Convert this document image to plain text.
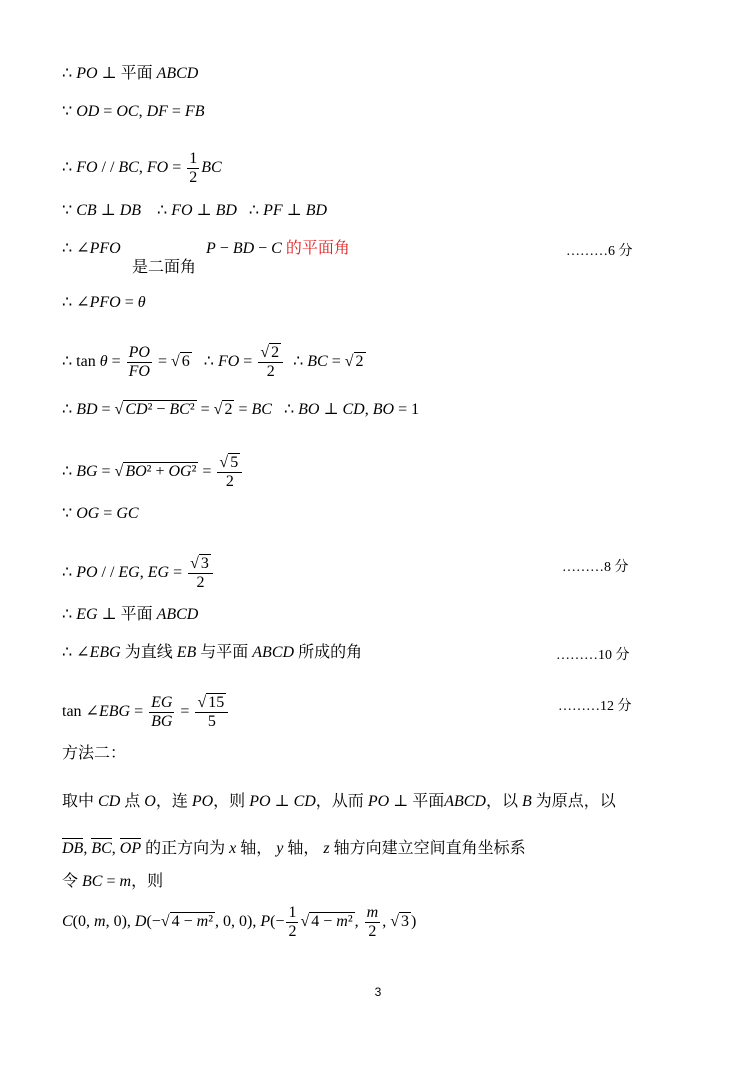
∴ PO ⊥ 平面 ABCD
∵ OD = OC, DF = FB
∴ FO / / BC, FO = $\frac{1}{2}$ BC
∵ CB ⊥ DB    ∴ FO ⊥ BD   ∴ PF ⊥ BD
∴ ∠PFO
是二面角
P − BD − C 的平面角	………6 分
∴ ∠PFO = θ
∴ $\tan \theta = \frac{PO}{FO}$ = √ 6   ∴ FO = $\frac{√ 2}{2}$ ∴ BC = √ 2
∴ BD = √ CD² − BC² = √ 2 = BC   ∴ BO ⊥ CD, BO = 1
∴ BG = √ $BO^2 + OG^2 = \frac{√ 5}{2}$
∵ OG = GC
∴ PO / / EG, EG = $\frac{√ 3}{2}$	………8 分
∴ EG ⊥ 平面 ABCD
∴ ∠EBG 为直线 EB 与平面 ABCD 所成的角	………10 分
tan ∠EBG = $\frac{EG}{BG} = \frac{√ 15}{5}$	………12 分
方法二：
取中 CD 点 O，连 PO，则 PO ⊥ CD，从而 PO ⊥ 平面ABCD，以 B 为原点，以
DB, BC, OP 的正方向为 x 轴， y 轴， z 轴方向建立空间直角坐标系
令 BC = m，则
C(0, m, 0), D(−√ 4 − m² , 0, 0), $P(- \frac{1}{2}$ √ 4 − m² , $\frac{m}{2}$ , √ 3 )
3
